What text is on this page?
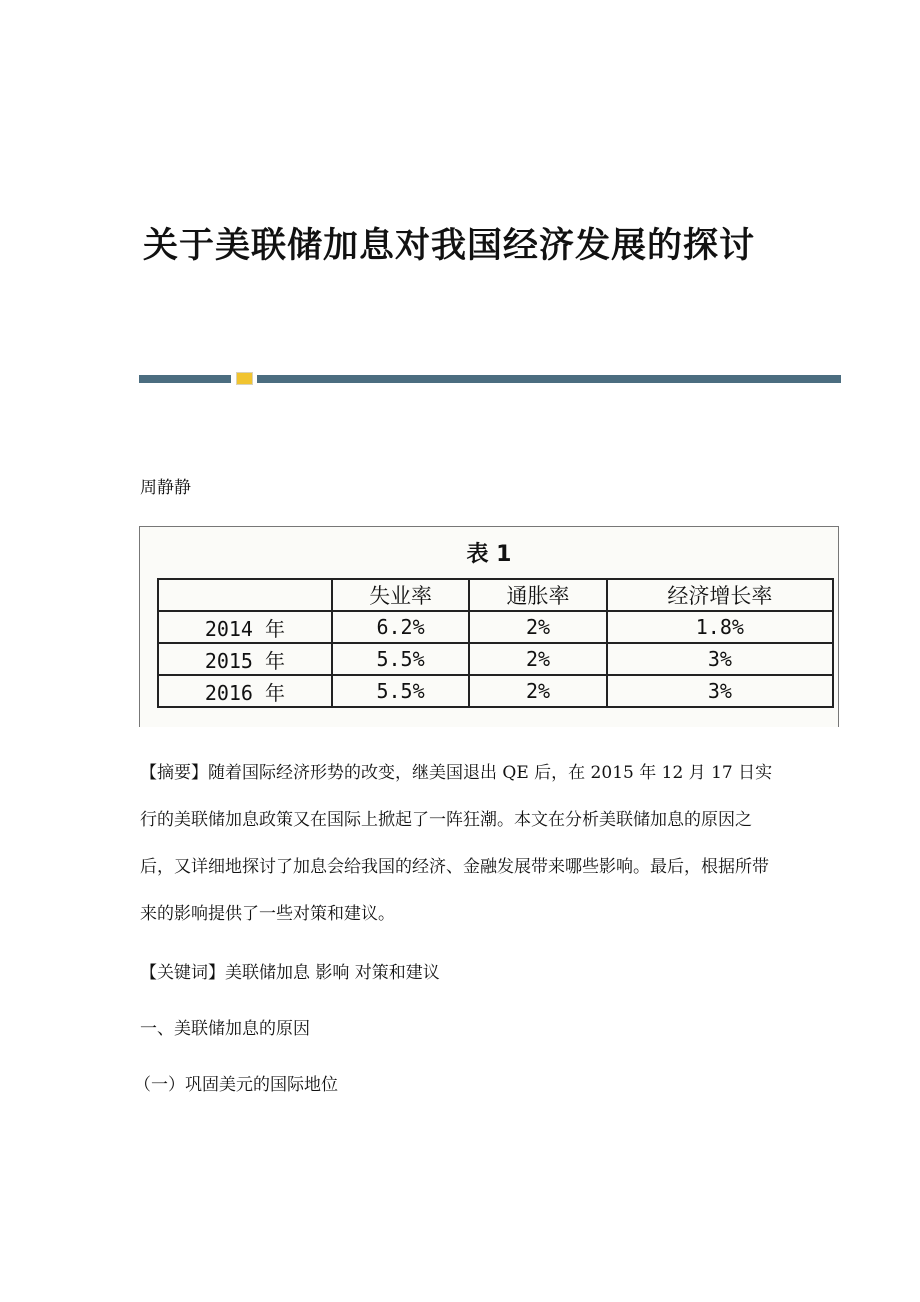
关于美联储加息对我国经济发展的探讨
周静静
表 1
	失业率	通胀率	经济增长率
2014 年	6.2%	2%	1.8%
2015 年	5.5%	2%	3%
2016 年	5.5%	2%	3%
【摘要】随着国际经济形势的改变，继美国退出 QE 后，在 2015 年 12 月 17 日实行的美联储加息政策又在国际上掀起了一阵狂潮。本文在分析美联储加息的原因之后，又详细地探讨了加息会给我国的经济、金融发展带来哪些影响。最后，根据所带来的影响提供了一些对策和建议。
【关键词】美联储加息 影响 对策和建议
一、美联储加息的原因
（一）巩固美元的国际地位
